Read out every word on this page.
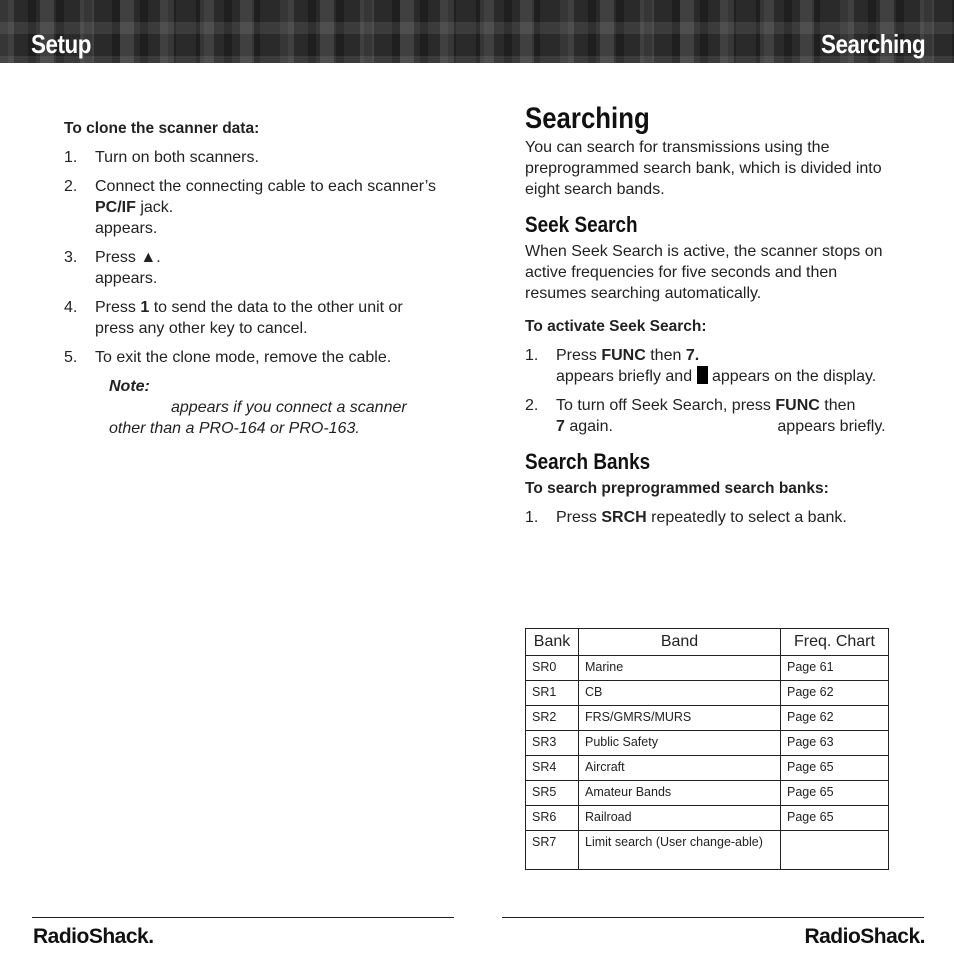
Setup	Searching
To clone the scanner data:
1. Turn on both scanners.
2. Connect the connecting cable to each scanner’s PC/IF jack.
appears.
3. Press ▲.
appears.
4. Press 1 to send the data to the other unit or press any other key to cancel.
5. To exit the clone mode, remove the cable.
Note:
appears if you connect a scanner
other than a PRO-164 or PRO-163.
Searching

You can search for transmissions using the preprogrammed search bank, which is divided into eight search bands.

Seek Search

When Seek Search is active, the scanner stops on active frequencies for five seconds and then resumes searching automatically.

To activate Seek Search:
1. Press FUNC then 7.
appears briefly and  appears on the display.
2. To turn off Seek Search, press FUNC then
7 again.	appears briefly.
Search Banks
To search preprogrammed search banks:
1. Press SRCH repeatedly to select a bank.
Bank	Band	Freq. Chart
SR0	Marine	Page 61
SR1	CB	Page 62
SR2	FRS/GMRS/MURS	Page 62
SR3	Public Safety	Page 63
SR4	Aircraft	Page 65
SR5	Amateur Bands	Page 65
SR6	Railroad	Page 65
SR7	Limit search (User change-able)	
RadioShack.	RadioShack.
